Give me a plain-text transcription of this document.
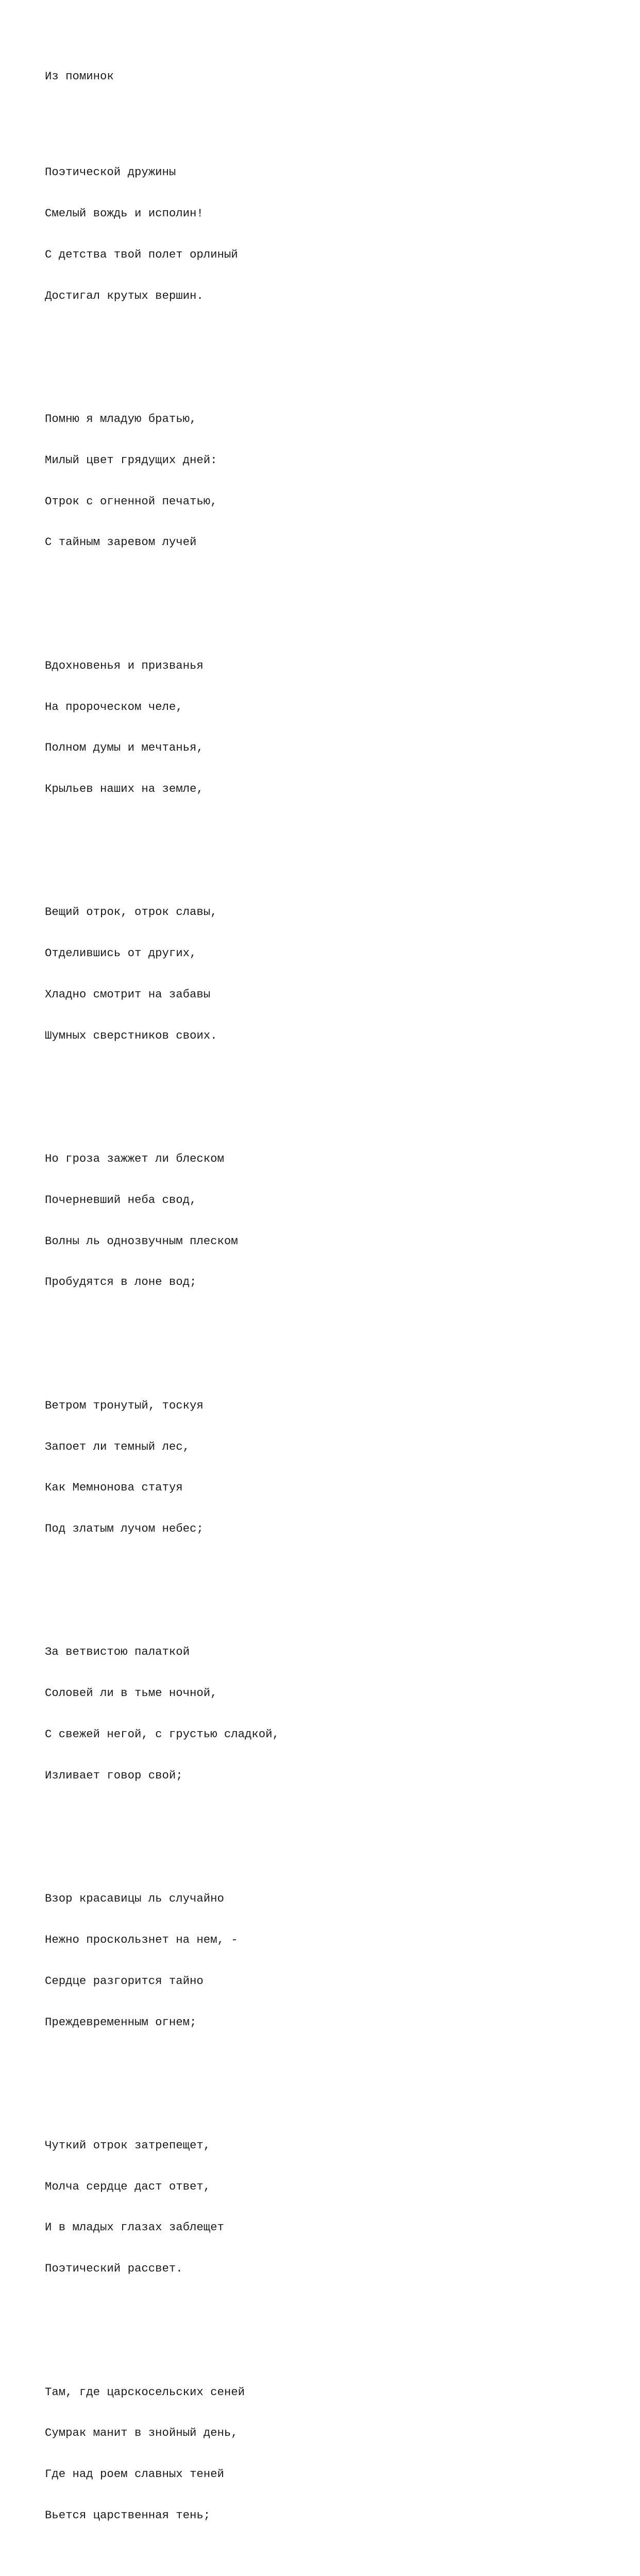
Из поминок

Поэтической дружины

Смелый вождь и исполин!

С детства твой полет орлиный

Достигал крутых вершин.

Помню я младую братью,

Милый цвет грядущих дней:

Отрок с огненной печатью,

С тайным заревом лучей

Вдохновенья и призванья

На пророческом челе,

Полном думы и мечтанья,

Крыльев наших на земле,

Вещий отрок, отрок славы,

Отделившись от других,

Хладно смотрит на забавы

Шумных сверстников своих.

Но гроза зажжет ли блеском

Почерневший неба свод,

Волны ль однозвучным плеском

Пробудятся в лоне вод;

Ветром тронутый, тоскуя

Запоет ли темный лес,

Как Мемнонова статуя

Под златым лучом небес;

За ветвистою палаткой

Соловей ли в тьме ночной,

С свежей негой, с грустью сладкой,

Изливает говор свой;

Взор красавицы ль случайно

Нежно проскользнет на нем, -

Сердце разгорится тайно

Преждевременным огнем;

Чуткий отрок затрепещет,

Молча сердце даст ответ,

И в младых глазах заблещет

Поэтический рассвет.

Там, где царскосельских сеней

Сумрак манит в знойный день,

Где над роем славных теней

Вьется царственная тень;
